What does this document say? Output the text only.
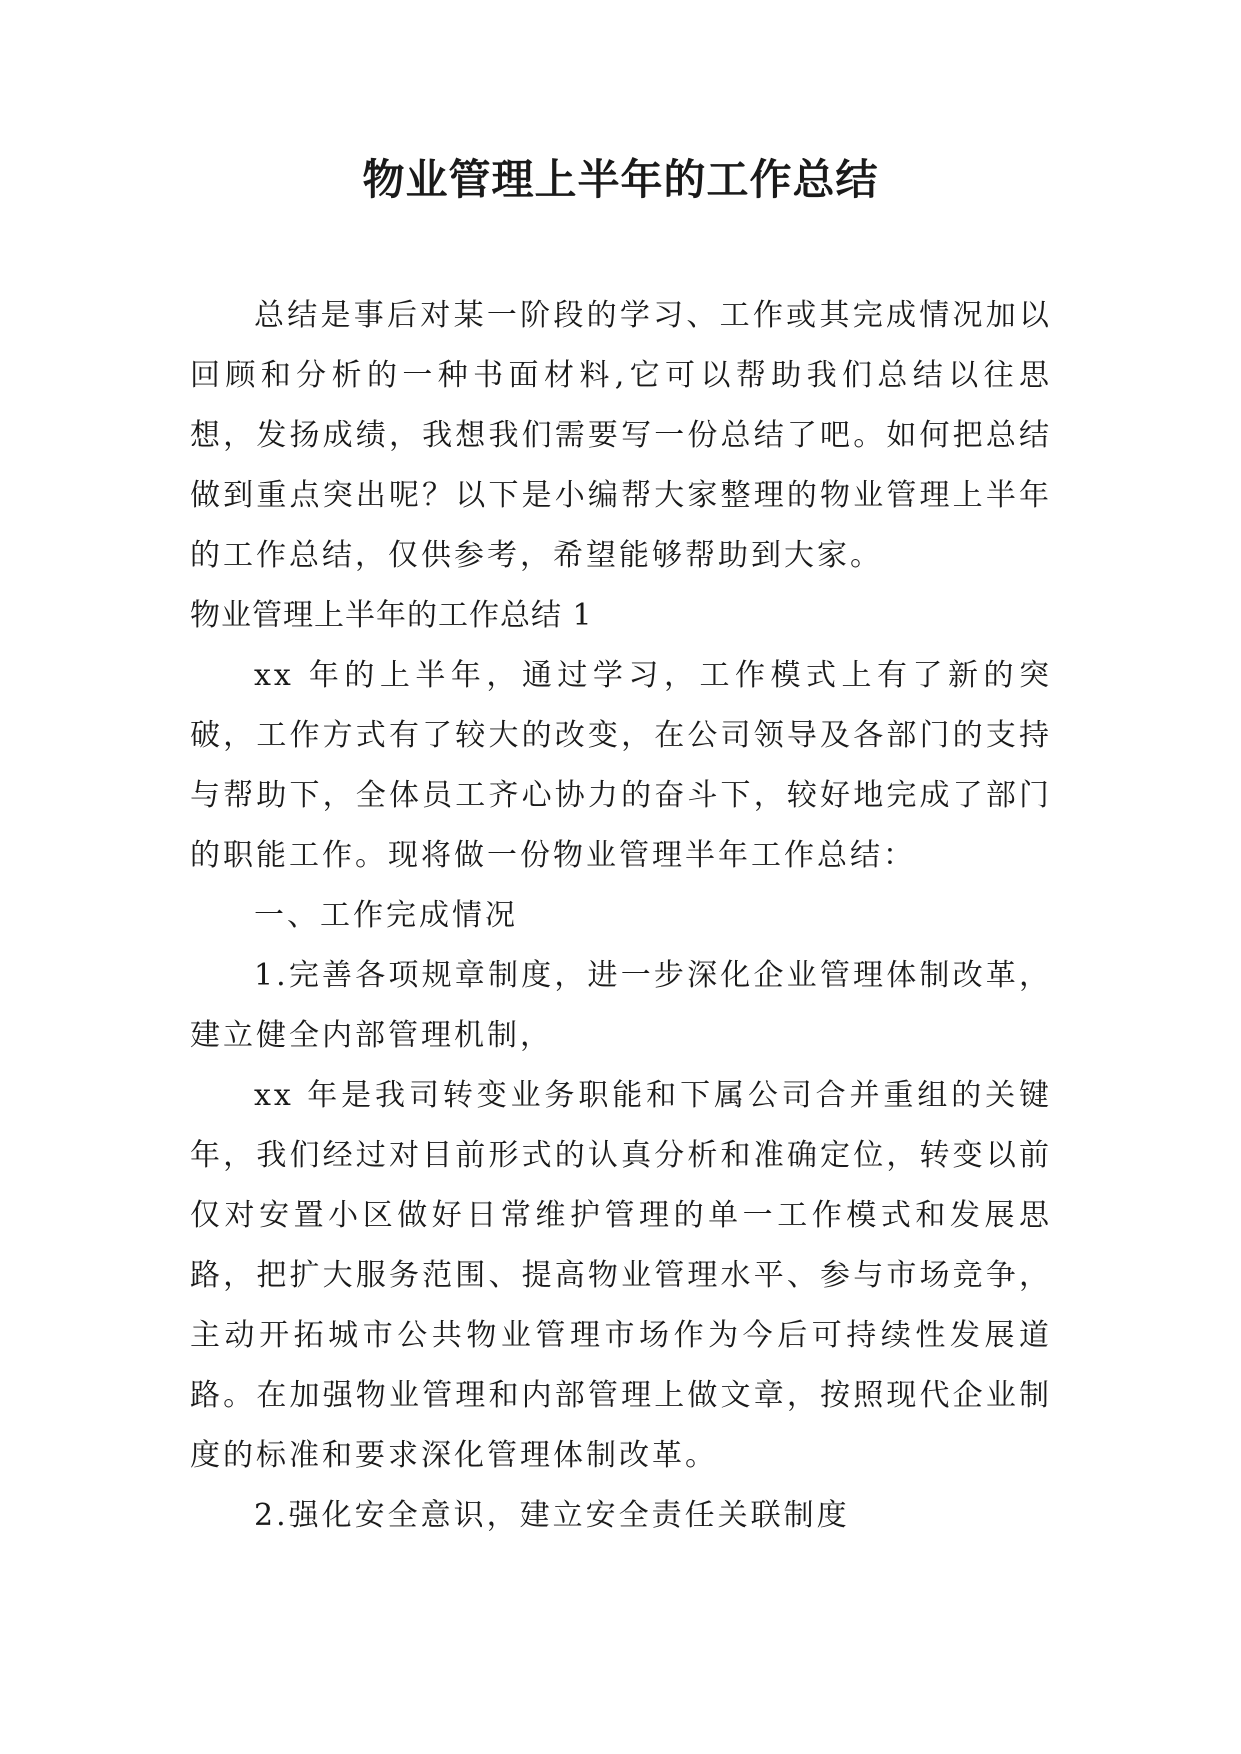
物业管理上半年的工作总结

总结是事后对某一阶段的学习、工作或其完成情况加以回顾和分析的一种书面材料,它可以帮助我们总结以往思想，发扬成绩，我想我们需要写一份总结了吧。如何把总结做到重点突出呢？以下是小编帮大家整理的物业管理上半年的工作总结，仅供参考，希望能够帮助到大家。

物业管理上半年的工作总结 1

xx 年的上半年，通过学习，工作模式上有了新的突破，工作方式有了较大的改变，在公司领导及各部门的支持与帮助下，全体员工齐心协力的奋斗下，较好地完成了部门的职能工作。现将做一份物业管理半年工作总结：

一、工作完成情况

1.完善各项规章制度，进一步深化企业管理体制改革，建立健全内部管理机制，

xx 年是我司转变业务职能和下属公司合并重组的关键年，我们经过对目前形式的认真分析和准确定位，转变以前仅对安置小区做好日常维护管理的单一工作模式和发展思路，把扩大服务范围、提高物业管理水平、参与市场竞争，主动开拓城市公共物业管理市场作为今后可持续性发展道路。在加强物业管理和内部管理上做文章，按照现代企业制度的标准和要求深化管理体制改革。

2.强化安全意识，建立安全责任关联制度
